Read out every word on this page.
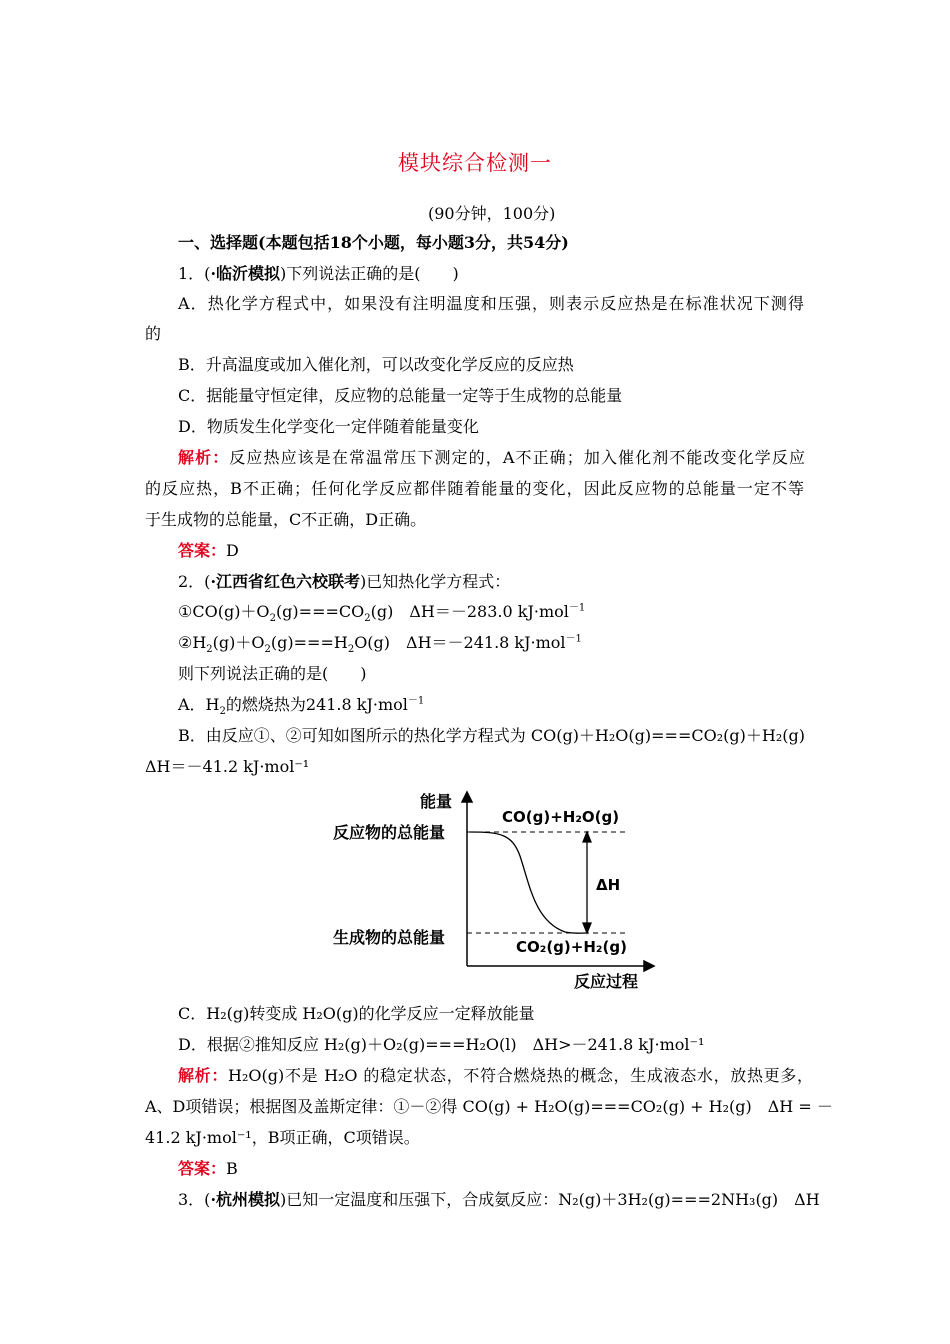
模块综合检测一
(90分钟，100分)
一、选择题(本题包括18个小题，每小题3分，共54分)
1．(·临沂模拟)下列说法正确的是(　　)
A．热化学方程式中，如果没有注明温度和压强，则表示反应热是在标准状况下测得
的
B．升高温度或加入催化剂，可以改变化学反应的反应热
C．据能量守恒定律，反应物的总能量一定等于生成物的总能量
D．物质发生化学变化一定伴随着能量变化
解析：反应热应该是在常温常压下测定的，A不正确；加入催化剂不能改变化学反应
的反应热，B不正确；任何化学反应都伴随着能量的变化，因此反应物的总能量一定不等
于生成物的总能量，C不正确，D正确。
答案：D
2．(·江西省红色六校联考)已知热化学方程式：
$①CO(g)+O_2(g)===CO_2(g)$　ΔH＝－283.0 kJ·mol$^{-1}$
$②H_2(g)+O_2(g)===H_2O(g)$　ΔH＝－241.8 kJ·mol$^{-1}$
则下列说法正确的是(　　)
A．$H_2$的燃烧热为241.8 kJ·mol$^{-1}$
B．由反应①、②可知如图所示的热化学方程式为 CO(g)＋H₂O(g)===CO₂(g)＋H₂(g)
ΔH＝－41.2 kJ·mol⁻¹
能量
反应物的总能量
生成物的总能量
CO(g)+H₂O(g)
CO₂(g)+H₂(g)
ΔH
反应过程
C．H₂(g)转变成 H₂O(g)的化学反应一定释放能量
D．根据②推知反应 H₂(g)＋O₂(g)===H₂O(l)　ΔH>－241.8 kJ·mol⁻¹
解析：H₂O(g)不是 H₂O 的稳定状态，不符合燃烧热的概念，生成液态水，放热更多，
A、D项错误；根据图及盖斯定律：①－②得 CO(g) + H₂O(g)===CO₂(g) + H₂(g)　ΔH = －
41.2 kJ·mol⁻¹，B项正确，C项错误。
答案：B
3．(·杭州模拟)已知一定温度和压强下，合成氨反应：N₂(g)＋3H₂(g)===2NH₃(g)　ΔH
